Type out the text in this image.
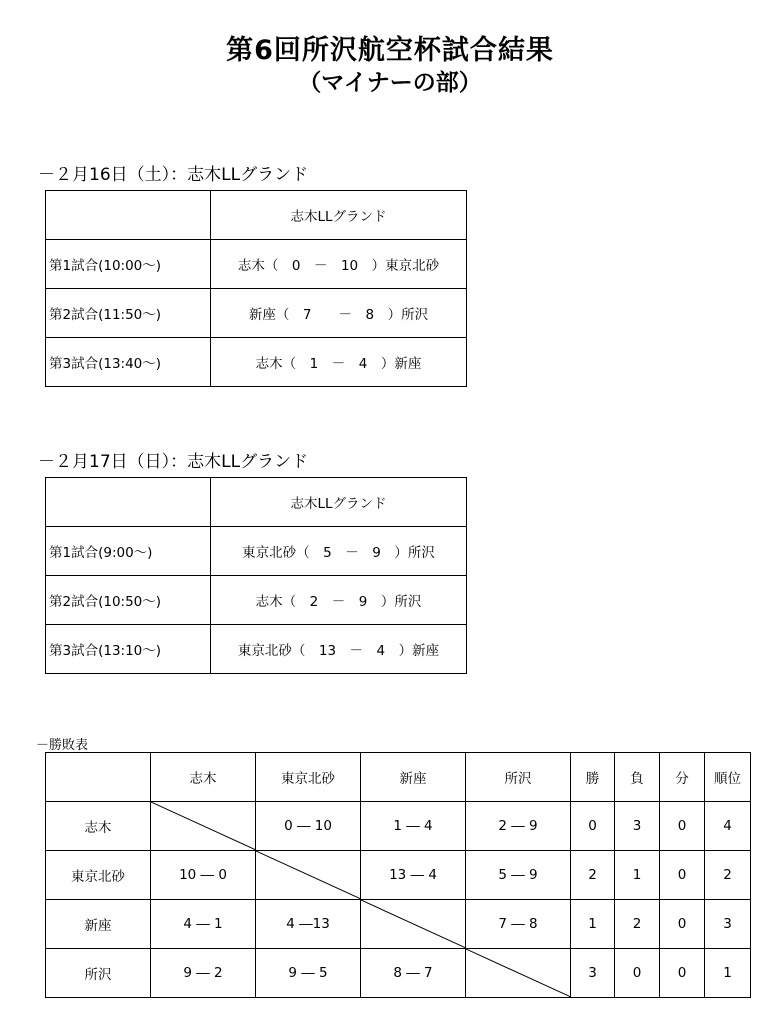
第6回所沢航空杯試合結果
（マイナーの部）
－２月16日（土）：志木LLグランド
	志木LLグランド
第1試合(10:00～)	志木（　0　－　10　）東京北砂
第2試合(11:50～)	新座（　7　　－　8　）所沢
第3試合(13:40～)	志木（　1　－　4　）新座
－２月17日（日）：志木LLグランド
	志木LLグランド
第1試合(9:00～)	東京北砂（　5　－　9　）所沢
第2試合(10:50～)	志木（　2　－　9　）所沢
第3試合(13:10～)	東京北砂（　13　－　4　）新座
－勝敗表
	志木	東京北砂	新座	所沢	勝	負	分	順位
志木		0 ― 10	1 ― 4	2 ― 9	0	3	0	4
東京北砂	10 ― 0		13 ― 4	5 ― 9	2	1	0	2
新座	4 ― 1	4 ―13		7 ― 8	1	2	0	3
所沢	9 ― 2	9 ― 5	8 ― 7		3	0	0	1
